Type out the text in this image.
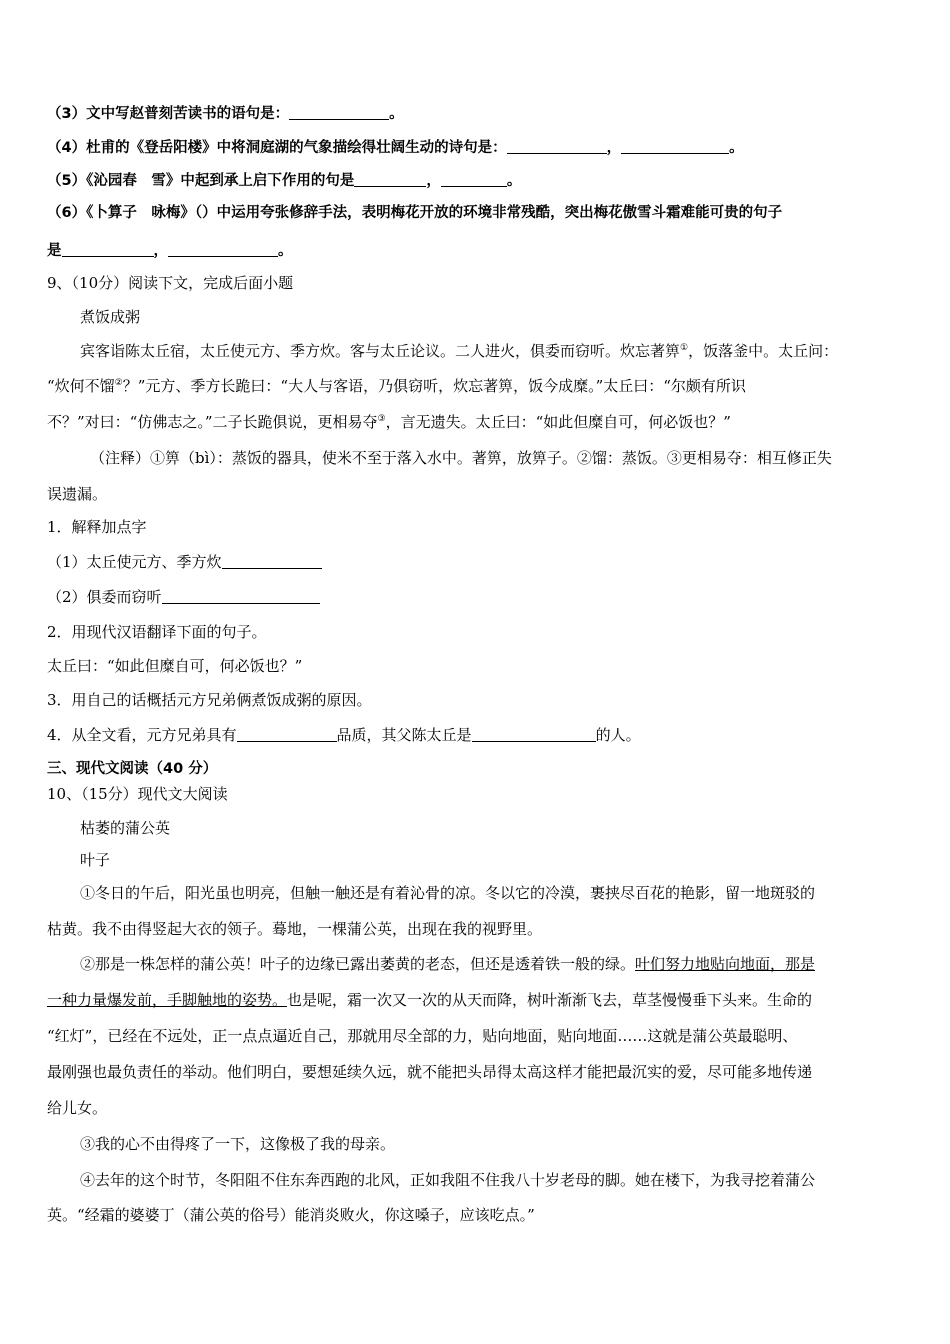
（3）文中写赵普刻苦读书的语句是：	。
（4）杜甫的《登岳阳楼》中将洞庭湖的气象描绘得壮阔生动的诗句是：	，	。
（5）《沁园春　雪》中起到承上启下作用的句是	，	。
（6）《卜算子　咏梅》（）中运用夸张修辞手法，表明梅花开放的环境非常残酷，突出梅花傲雪斗霜难能可贵的句子
是	，	。
9、（10分）阅读下文，完成后面小题
煮饭成粥
宾客诣陈太丘宿，太丘使元方、季方炊。客与太丘论议。二人进火，俱委而窃听。炊忘著箅①，饭落釜中。太丘问：
“炊何不馏②？”元方、季方长跪曰：“大人与客语，乃俱窃听，炊忘著箅，饭今成糜。”太丘曰：“尔颇有所识
不？”对曰：“仿佛志之。”二子长跪俱说，更相易夺③，言无遗失。太丘曰：“如此但糜自可，何必饭也？”
（注释）①箅（bì）：蒸饭的器具，使米不至于落入水中。著箅，放箅子。②馏：蒸饭。③更相易夺：相互修正失
误遗漏。
1．解释加点字
（1）太丘使元方、季方炊
（2）俱委而窃听
2．用现代汉语翻译下面的句子。
太丘曰：“如此但糜自可，何必饭也？”
3．用自己的话概括元方兄弟俩煮饭成粥的原因。
4．从全文看，元方兄弟具有	品质，其父陈太丘是	的人。
三、现代文阅读（40 分）
10、（15分）现代文大阅读
枯萎的蒲公英
叶子
①冬日的午后，阳光虽也明亮，但触一触还是有着沁骨的凉。冬以它的冷漠，裹挟尽百花的艳影，留一地斑驳的
枯黄。我不由得竖起大衣的领子。蓦地，一棵蒲公英，出现在我的视野里。
②那是一株怎样的蒲公英！叶子的边缘已露出萎黄的老态，但还是透着铁一般的绿。叶们努力地贴向地面，那是
一种力量爆发前，手脚触地的姿势。也是呢，霜一次又一次的从天而降，树叶渐渐飞去，草茎慢慢垂下头来。生命的
“红灯”，已经在不远处，正一点点逼近自己，那就用尽全部的力，贴向地面，贴向地面……这就是蒲公英最聪明、
最刚强也最负责任的举动。他们明白，要想延续久远，就不能把头昂得太高这样才能把最沉实的爱，尽可能多地传递
给儿女。
③我的心不由得疼了一下，这像极了我的母亲。
④去年的这个时节，冬阳阻不住东奔西跑的北风，正如我阻不住我八十岁老母的脚。她在楼下，为我寻挖着蒲公
英。“经霜的婆婆丁（蒲公英的俗号）能消炎败火，你这嗓子，应该吃点。”
